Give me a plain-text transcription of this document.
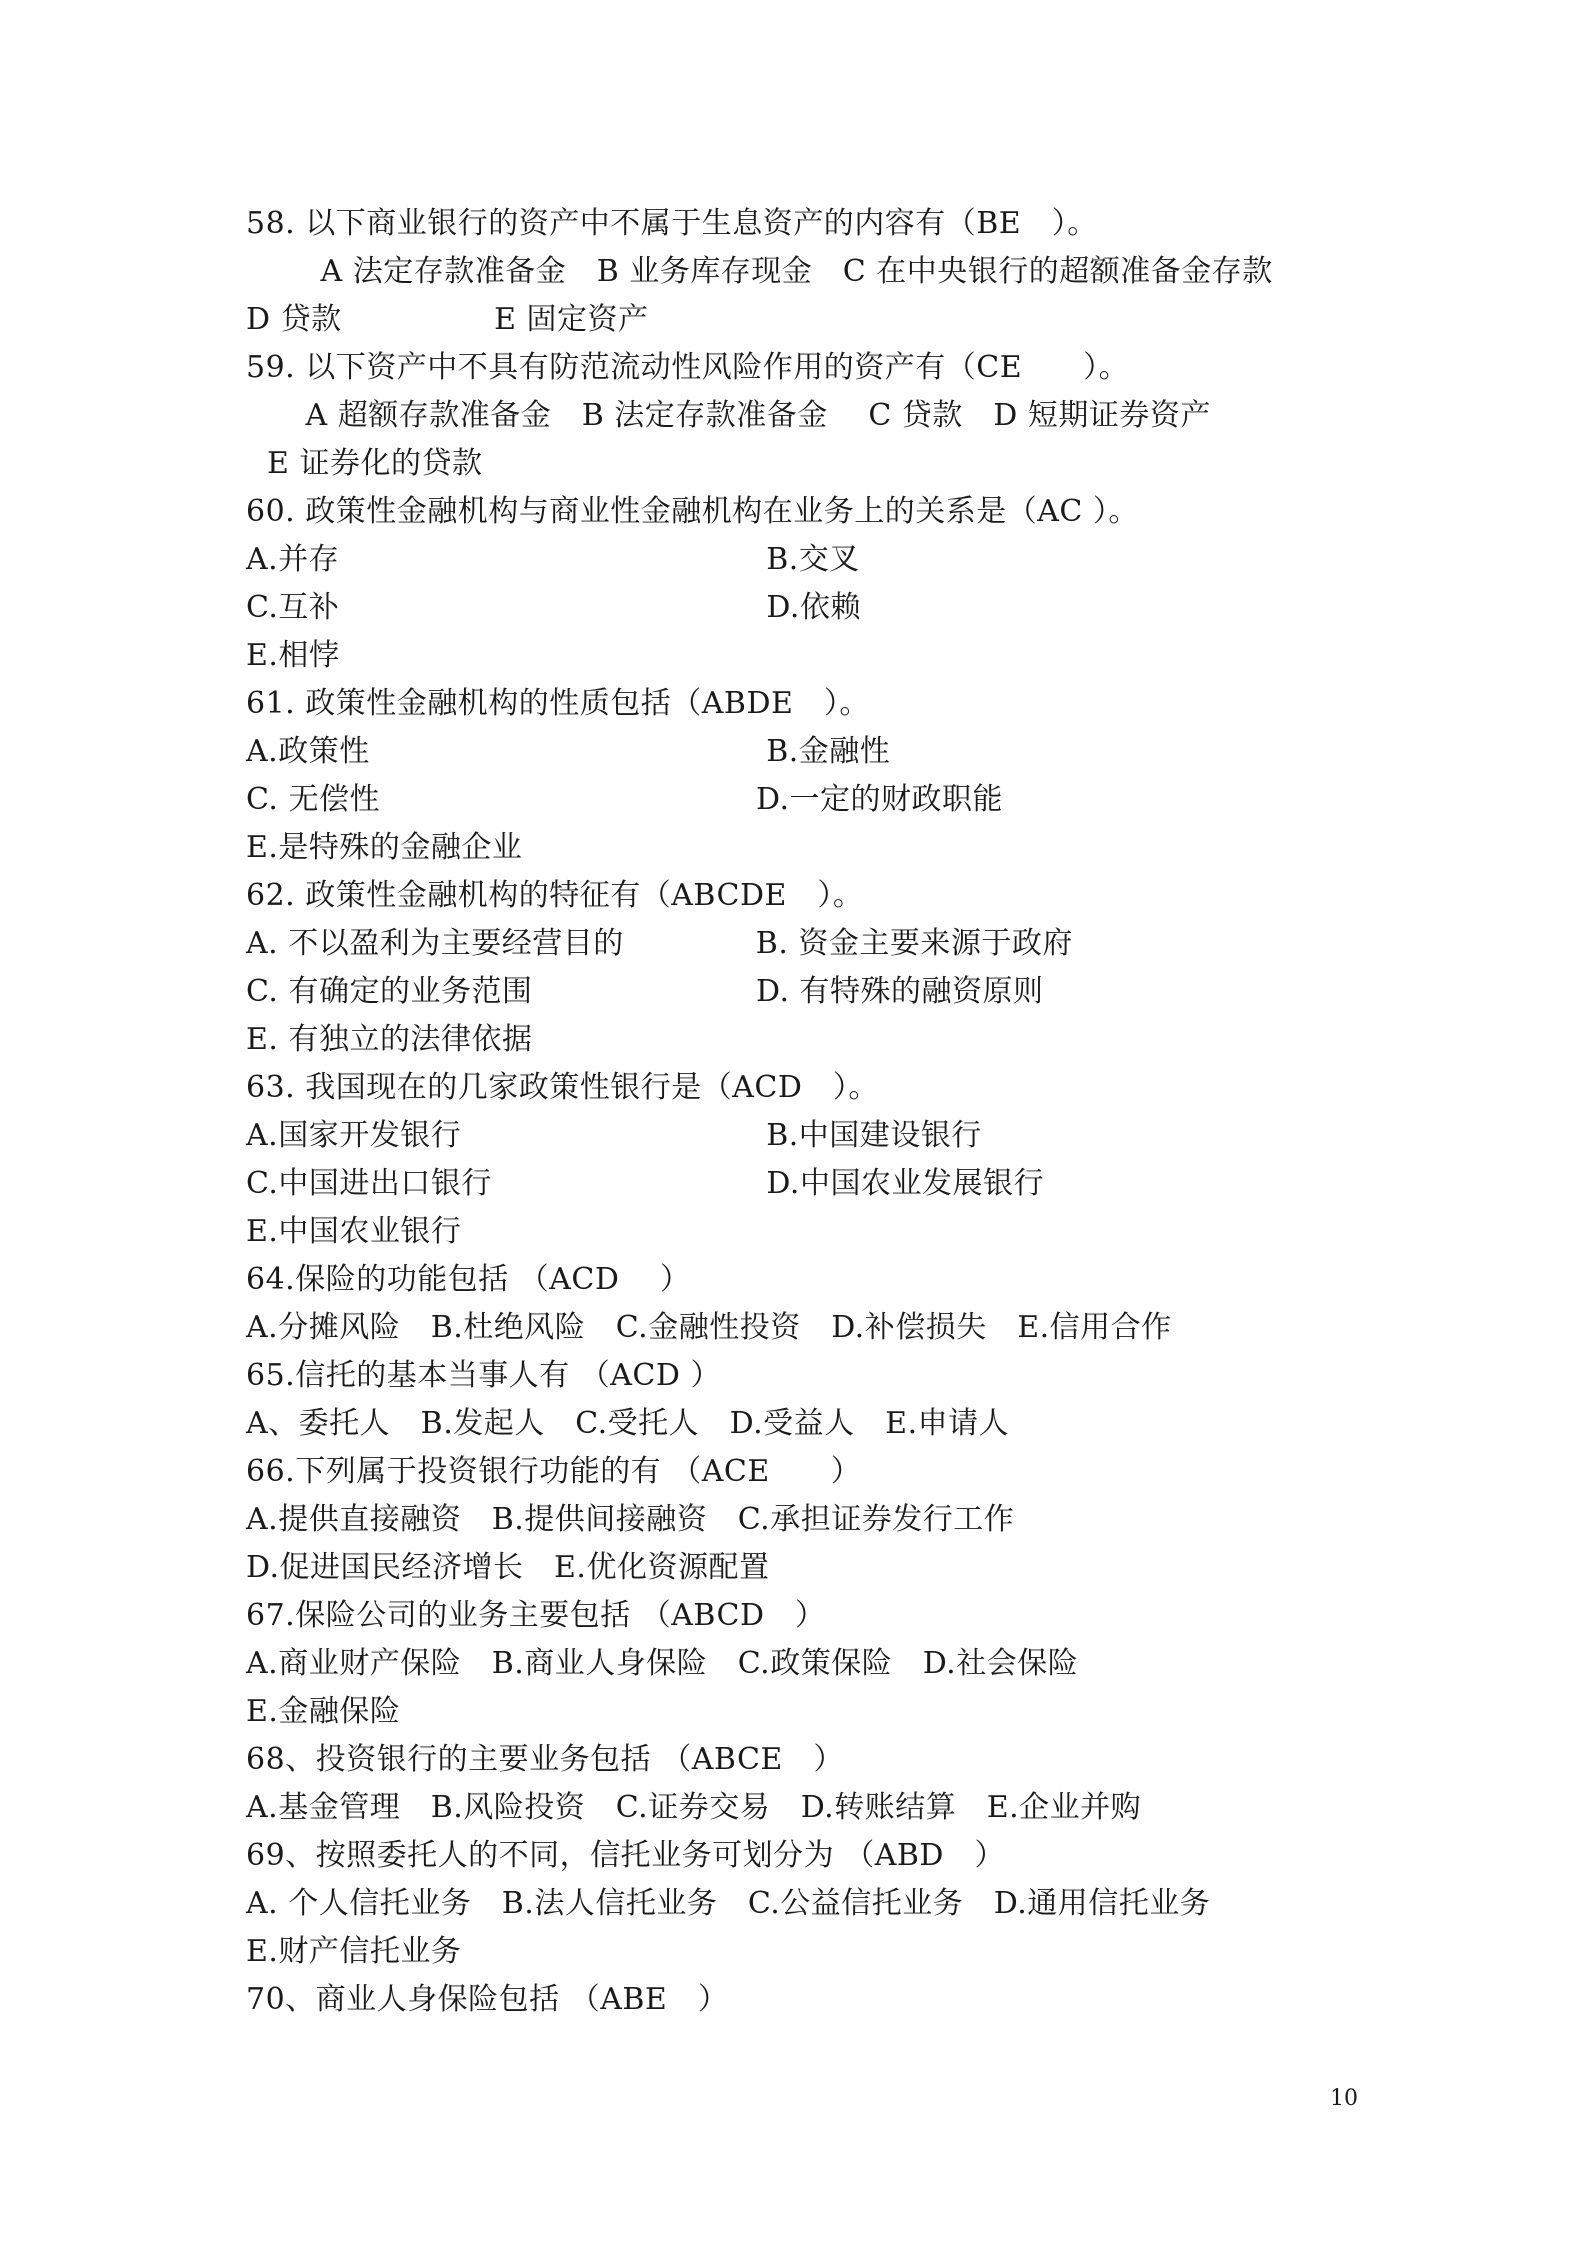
58. 以下商业银行的资产中不属于生息资产的内容有（BE　）。
　A 法定存款准备金　B 业务库存现金　C 在中央银行的超额准备金存款
D 贷款　　　　　E 固定资产
59. 以下资产中不具有防范流动性风险作用的资产有（CE　　）。
　A 超额存款准备金　B 法定存款准备金　 C 贷款　D 短期证券资产
E 证券化的贷款
60. 政策性金融机构与商业性金融机构在业务上的关系是（AC ）。
A.并存　　　　　　　　　　　　　　B.交叉
C.互补　　　　　　　　　　　　　　D.依赖
E.相悖
61. 政策性金融机构的性质包括（ABDE　）。
A.政策性　　　　　　　　　　　　　B.金融性
C. 无偿性　　　　　　　　　　　　 D.一定的财政职能
E.是特殊的金融企业
62. 政策性金融机构的特征有（ABCDE　）。
A. 不以盈利为主要经营目的　　　　 B. 资金主要来源于政府
C. 有确定的业务范围　　　　　　　 D. 有特殊的融资原则
E. 有独立的法律依据
63. 我国现在的几家政策性银行是（ACD　）。
A.国家开发银行　　　　　　　　　　B.中国建设银行
C.中国进出口银行　　　　　　　　　D.中国农业发展银行
E.中国农业银行
64.保险的功能包括 （ACD　 ）
A.分摊风险　B.杜绝风险　C.金融性投资　D.补偿损失　E.信用合作
65.信托的基本当事人有 （ACD ）
A、委托人　B.发起人　C.受托人　D.受益人　E.申请人
66.下列属于投资银行功能的有 （ACE　　）
A.提供直接融资　B.提供间接融资　C.承担证券发行工作
D.促进国民经济增长　E.优化资源配置
67.保险公司的业务主要包括 （ABCD　）
A.商业财产保险　B.商业人身保险　C.政策保险　D.社会保险
E.金融保险
68、投资银行的主要业务包括 （ABCE　）
A.基金管理　B.风险投资　C.证券交易　D.转账结算　E.企业并购
69、按照委托人的不同，信托业务可划分为 （ABD　）
A. 个人信托业务　B.法人信托业务　C.公益信托业务　D.通用信托业务
E.财产信托业务
70、商业人身保险包括 （ABE　）
10
